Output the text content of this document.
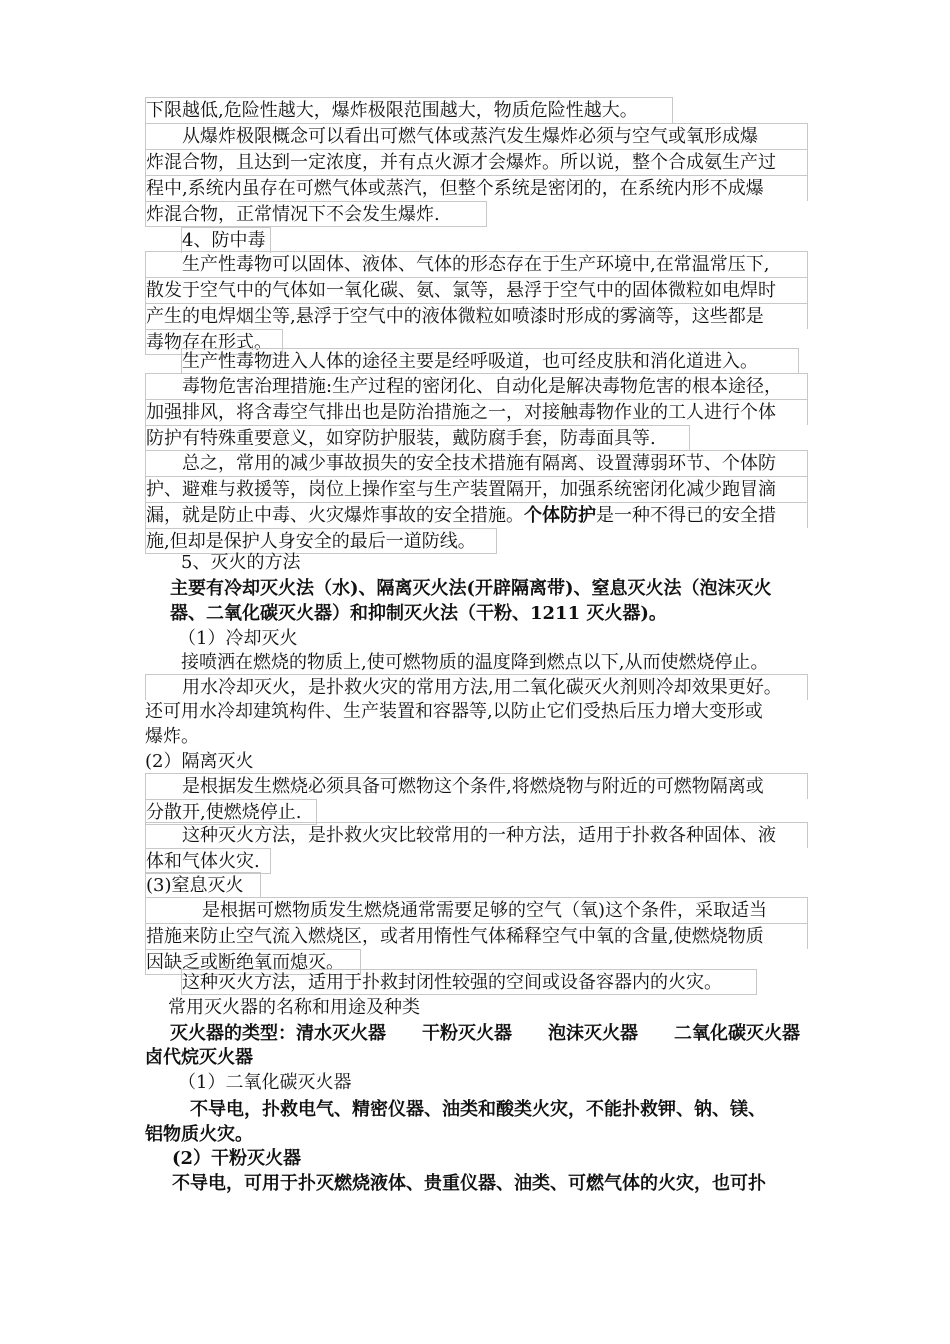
下限越低,危险性越大，爆炸极限范围越大，物质危险性越大。
从爆炸极限概念可以看出可燃气体或蒸汽发生爆炸必须与空气或氧形成爆
炸混合物，且达到一定浓度，并有点火源才会爆炸。所以说，整个合成氨生产过
程中,系统内虽存在可燃气体或蒸汽，但整个系统是密闭的，在系统内形不成爆
炸混合物，正常情况下不会发生爆炸.
4、防中毒
生产性毒物可以固体、液体、气体的形态存在于生产环境中,在常温常压下,
散发于空气中的气体如一氧化碳、氨、氯等，悬浮于空气中的固体微粒如电焊时
产生的电焊烟尘等,悬浮于空气中的液体微粒如喷漆时形成的雾滴等，这些都是
毒物存在形式。
生产性毒物进入人体的途径主要是经呼吸道，也可经皮肤和消化道进入。
毒物危害治理措施:生产过程的密闭化、自动化是解决毒物危害的根本途径，
加强排风，将含毒空气排出也是防治措施之一，对接触毒物作业的工人进行个体
防护有特殊重要意义，如穿防护服装，戴防腐手套，防毒面具等.
总之，常用的减少事故损失的安全技术措施有隔离、设置薄弱环节、个体防
护、避难与救援等，岗位上操作室与生产装置隔开，加强系统密闭化减少跑冒滴
漏，就是防止中毒、火灾爆炸事故的安全措施。个体防护是一种不得已的安全措
施,但却是保护人身安全的最后一道防线。
5、灭火的方法
主要有冷却灭火法（水)、隔离灭火法(开辟隔离带)、窒息灭火法（泡沫灭火
器、二氧化碳灭火器）和抑制灭火法（干粉、1211 灭火器)。
（1）冷却灭火
接喷洒在燃烧的物质上,使可燃物质的温度降到燃点以下,从而使燃烧停止。
用水冷却灭火，是扑救火灾的常用方法,用二氧化碳灭火剂则冷却效果更好。
还可用水冷却建筑构件、生产装置和容器等,以防止它们受热后压力增大变形或
爆炸。
(2）隔离灭火
是根据发生燃烧必须具备可燃物这个条件,将燃烧物与附近的可燃物隔离或
分散开,使燃烧停止.
这种灭火方法，是扑救火灾比较常用的一种方法，适用于扑救各种固体、液
体和气体火灾.
(3)窒息灭火
是根据可燃物质发生燃烧通常需要足够的空气（氧)这个条件，采取适当
措施来防止空气流入燃烧区，或者用惰性气体稀释空气中氧的含量,使燃烧物质
因缺乏或断绝氧而熄灭。
这种灭火方法，适用于扑救封闭性较强的空间或设备容器内的火灾。
常用灭火器的名称和用途及种类
灭火器的类型：清水灭火器　　干粉灭火器　　泡沫灭火器　　二氧化碳灭火器
卤代烷灭火器
（1）二氧化碳灭火器
不导电，扑救电气、精密仪器、油类和酸类火灾，不能扑救钾、钠、镁、
铝物质火灾。
(2）干粉灭火器
不导电，可用于扑灭燃烧液体、贵重仪器、油类、可燃气体的火灾，也可扑
